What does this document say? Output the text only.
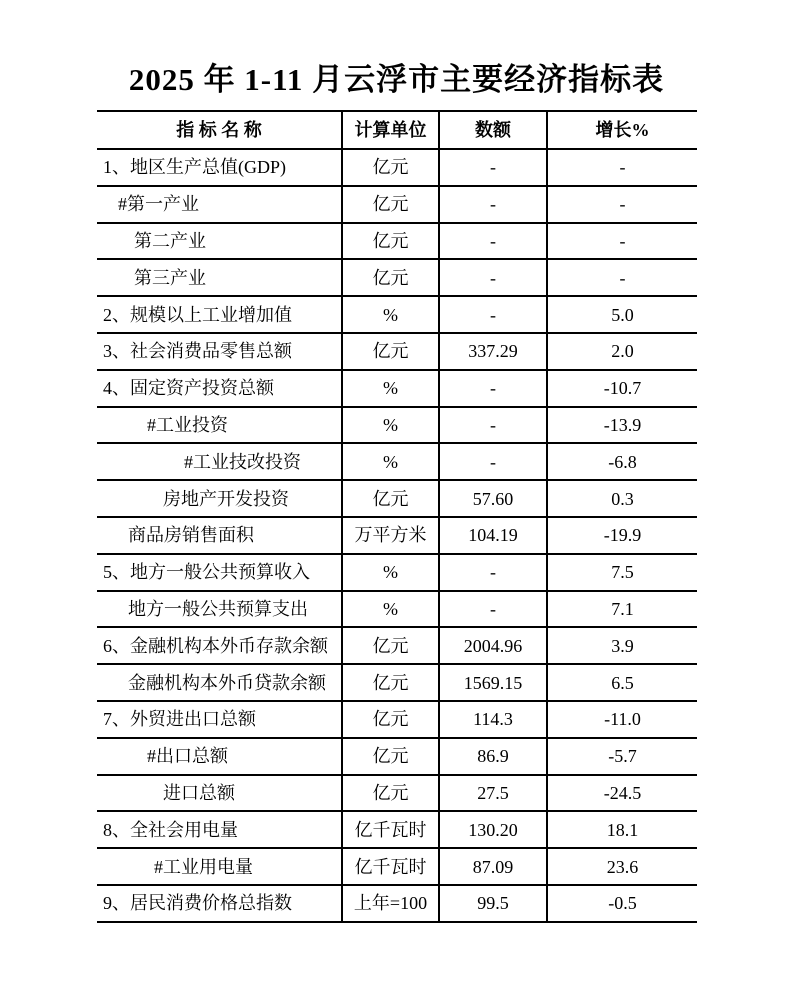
2025 年 1-11 月云浮市主要经济指标表
指 标 名 称	计算单位	数额	增长%
1、地区生产总值(GDP)	亿元	-	-
#第一产业	亿元	-	-
第二产业	亿元	-	-
第三产业	亿元	-	-
2、规模以上工业增加值	%	-	5.0
3、社会消费品零售总额	亿元	337.29	2.0
4、固定资产投资总额	%	-	-10.7
#工业投资	%	-	-13.9
#工业技改投资	%	-	-6.8
房地产开发投资	亿元	57.60	0.3
商品房销售面积	万平方米	104.19	-19.9
5、地方一般公共预算收入	%	-	7.5
地方一般公共预算支出	%	-	7.1
6、金融机构本外币存款余额	亿元	2004.96	3.9
金融机构本外币贷款余额	亿元	1569.15	6.5
7、外贸进出口总额	亿元	114.3	-11.0
#出口总额	亿元	86.9	-5.7
进口总额	亿元	27.5	-24.5
8、全社会用电量	亿千瓦时	130.20	18.1
#工业用电量	亿千瓦时	87.09	23.6
9、居民消费价格总指数	上年=100	99.5	-0.5
